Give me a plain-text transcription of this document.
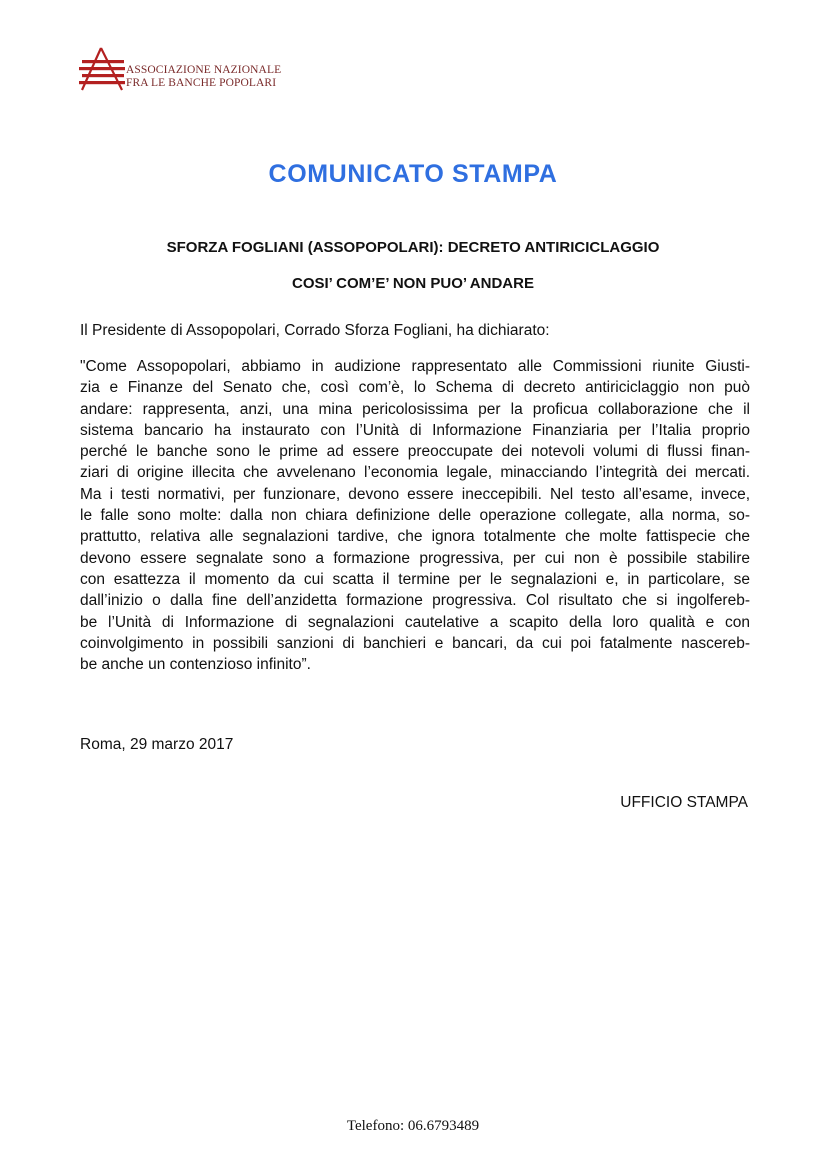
ASSOCIAZIONE NAZIONALE
FRA LE BANCHE POPOLARI
COMUNICATO STAMPA
SFORZA FOGLIANI (ASSOPOPOLARI): DECRETO ANTIRICICLAGGIO
COSI’ COM’E’ NON PUO’ ANDARE
Il Presidente di Assopopolari, Corrado Sforza Fogliani, ha dichiarato:
"Come Assopopolari, abbiamo in audizione rappresentato alle Commissioni riunite Giusti-
zia e Finanze del Senato che, così com’è, lo Schema di decreto antiriciclaggio non può
andare: rappresenta, anzi, una mina pericolosissima per la proficua collaborazione che il
sistema bancario ha instaurato con l’Unità di Informazione Finanziaria per l’Italia proprio
perché le banche sono le prime ad essere preoccupate dei notevoli volumi di flussi finan-
ziari di origine illecita che avvelenano l’economia legale, minacciando l’integrità dei mercati.
Ma i testi normativi, per funzionare, devono essere ineccepibili. Nel testo all’esame, invece,
le falle sono molte: dalla non chiara definizione delle operazione collegate, alla norma, so-
prattutto, relativa alle segnalazioni tardive, che ignora totalmente che molte fattispecie che
devono essere segnalate sono a formazione progressiva, per cui non è possibile stabilire
con esattezza il momento da cui scatta il termine per le segnalazioni e, in particolare, se
dall’inizio o dalla fine dell’anzidetta formazione progressiva. Col risultato che si ingolfereb-
be l’Unità di Informazione di segnalazioni cautelative a scapito della loro qualità e con
coinvolgimento in possibili sanzioni di banchieri e bancari, da cui poi fatalmente nascereb-
be anche un contenzioso infinito”.
Roma, 29 marzo 2017
UFFICIO STAMPA
Telefono: 06.6793489
